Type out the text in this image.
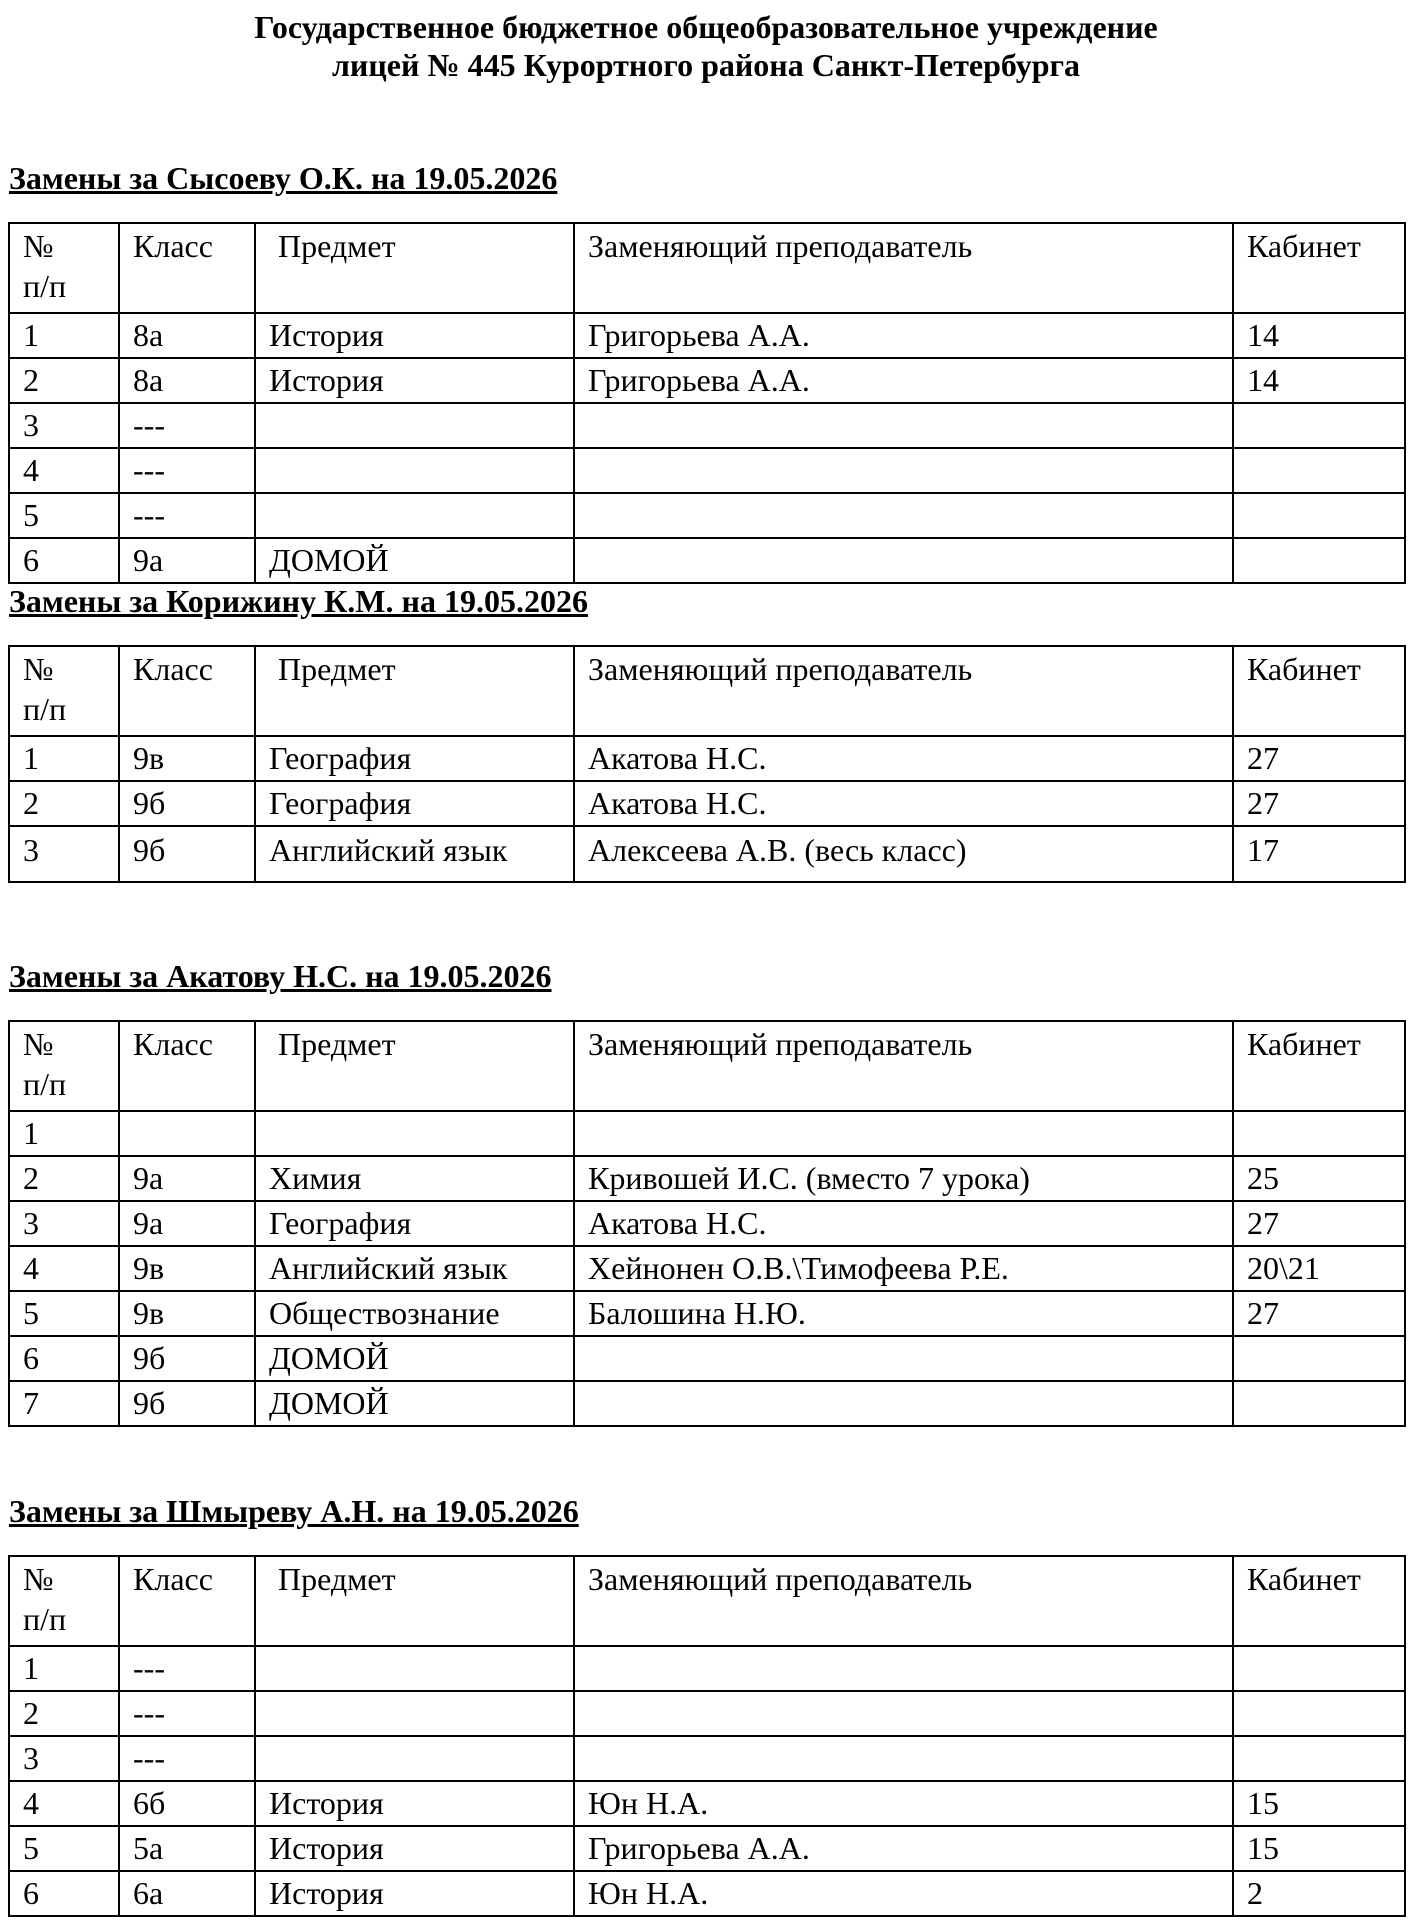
Государственное бюджетное общеобразовательное учреждение
лицей № 445 Курортного района Санкт-Петербурга
Замены за Сысоеву О.К. на 19.05.2026
№
п/п	Класс	Предмет	Заменяющий преподаватель	Кабинет
1	8а	История	Григорьева А.А.	14
2	8а	История	Григорьева А.А.	14
3	---			
4	---			
5	---			
6	9а	ДОМОЙ		
Замены за Корижину К.М. на 19.05.2026
№
п/п	Класс	Предмет	Заменяющий преподаватель	Кабинет
1	9в	География	Акатова Н.С.	27
2	9б	География	Акатова Н.С.	27
3	9б	Английский язык	Алексеева А.В. (весь класс)	17
Замены за Акатову Н.С. на 19.05.2026
№
п/п	Класс	Предмет	Заменяющий преподаватель	Кабинет
1				
2	9а	Химия	Кривошей И.С. (вместо 7 урока)	25
3	9а	География	Акатова Н.С.	27
4	9в	Английский язык	Хейнонен О.В.\Тимофеева Р.Е.	20\21
5	9в	Обществознание	Балошина Н.Ю.	27
6	9б	ДОМОЙ		
7	9б	ДОМОЙ		
Замены за Шмыреву А.Н. на 19.05.2026
№
п/п	Класс	Предмет	Заменяющий преподаватель	Кабинет
1	---			
2	---			
3	---			
4	6б	История	Юн Н.А.	15
5	5а	История	Григорьева А.А.	15
6	6а	История	Юн Н.А.	2
